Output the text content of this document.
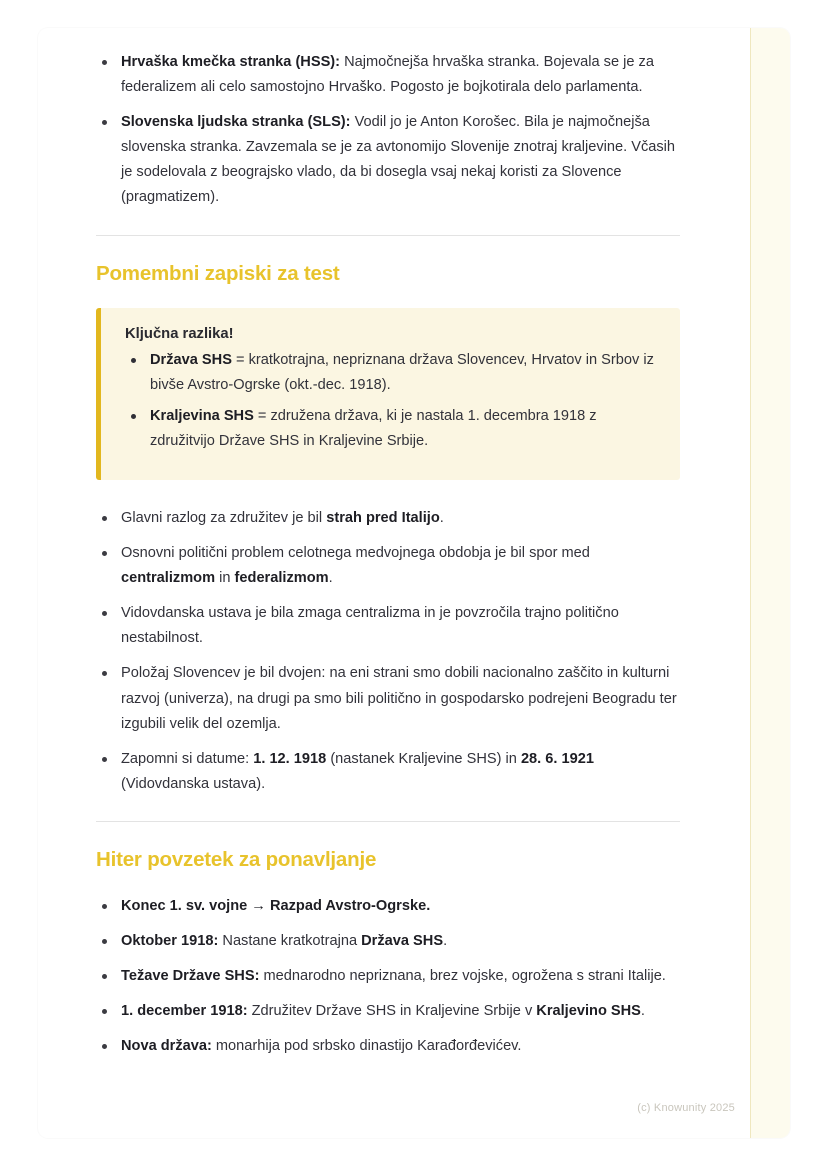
Hrvaška kmečka stranka (HSS): Najmočnejša hrvaška stranka. Bojevala se je za federalizem ali celo samostojno Hrvaško. Pogosto je bojkotirala delo parlamenta.
Slovenska ljudska stranka (SLS): Vodil jo je Anton Korošec. Bila je najmočnejša slovenska stranka. Zavzemala se je za avtonomijo Slovenije znotraj kraljevine. Včasih je sodelovala z beograjsko vlado, da bi dosegla vsaj nekaj koristi za Slovence (pragmatizem).
Pomembni zapiski za test
Ključna razlika!
Država SHS = kratkotrajna, nepriznana država Slovencev, Hrvatov in Srbov iz bivše Avstro-Ogrske (okt.-dec. 1918).
Kraljevina SHS = združena država, ki je nastala 1. decembra 1918 z združitvijo Države SHS in Kraljevine Srbije.
Glavni razlog za združitev je bil strah pred Italijo.
Osnovni politični problem celotnega medvojnega obdobja je bil spor med centralizmom in federalizmom.
Vidovdanska ustava je bila zmaga centralizma in je povzročila trajno politično nestabilnost.
Položaj Slovencev je bil dvojen: na eni strani smo dobili nacionalno zaščito in kulturni razvoj (univerza), na drugi pa smo bili politično in gospodarsko podrejeni Beogradu ter izgubili velik del ozemlja.
Zapomni si datume: 1. 12. 1918 (nastanek Kraljevine SHS) in 28. 6. 1921 (Vidovdanska ustava).
Hiter povzetek za ponavljanje
Konec 1. sv. vojne → Razpad Avstro-Ogrske.
Oktober 1918: Nastane kratkotrajna Država SHS.
Težave Države SHS: mednarodno nepriznana, brez vojske, ogrožena s strani Italije.
1. december 1918: Združitev Države SHS in Kraljevine Srbije v Kraljevino SHS.
Nova država: monarhija pod srbsko dinastijo Karađorđevićev.
(c) Knowunity 2025
